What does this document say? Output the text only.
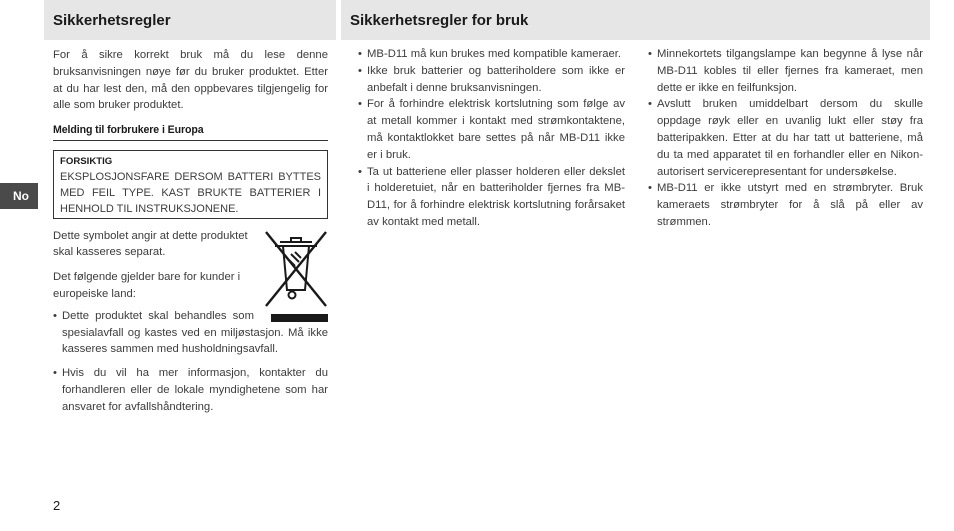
Sikkerhetsregler	Sikkerhetsregler for bruk
No

For å sikre korrekt bruk må du lese denne bruksanvisningen nøye før du bruker produktet. Etter at du har lest den, må den oppbevares tilgjengelig for alle som bruker produktet.

Melding til forbrukere i Europa
FORSIKTIG
EKSPLOSJONSFARE DERSOM BATTERI BYTTES MED FEIL TYPE. KAST BRUKTE BATTERIER I HENHOLD TIL INSTRUKSJONENE.

Dette symbolet angir at dette produktet skal kasseres separat.

Det følgende gjelder bare for kunder i europeiske land:

• Dette produktet skal behandles som spesialavfall og kastes ved en miljøstasjon. Må ikke kasseres sammen med husholdningsavfall.
• Hvis du vil ha mer informasjon, kontakter du forhandleren eller de lokale myndighetene som har ansvaret for avfallshåndtering.
• MB-D11 må kun brukes med kompatible kameraer.
• Ikke bruk batterier og batteriholdere som ikke er anbefalt i denne bruksanvisningen.
• For å forhindre elektrisk kortslutning som følge av at metall kommer i kontakt med strømkontaktene, må kontaktlokket bare settes på når MB-D11 ikke er i bruk.
• Ta ut batteriene eller plasser holderen eller dekslet i holderetuiet, når en batteriholder fjernes fra MB-D11, for å forhindre elektrisk kortslutning forårsaket av kontakt med metall.
• Minnekortets tilgangslampe kan begynne å lyse når MB-D11 kobles til eller fjernes fra kameraet, men dette er ikke en feilfunksjon.
• Avslutt bruken umiddelbart dersom du skulle oppdage røyk eller en uvanlig lukt eller støy fra batteripakken. Etter at du har tatt ut batteriene, må du ta med apparatet til en forhandler eller en Nikon-autorisert servicerepresentant for undersøkelse.
• MB-D11 er ikke utstyrt med en strømbryter. Bruk kameraets strømbryter for å slå på eller av strømmen.
2
